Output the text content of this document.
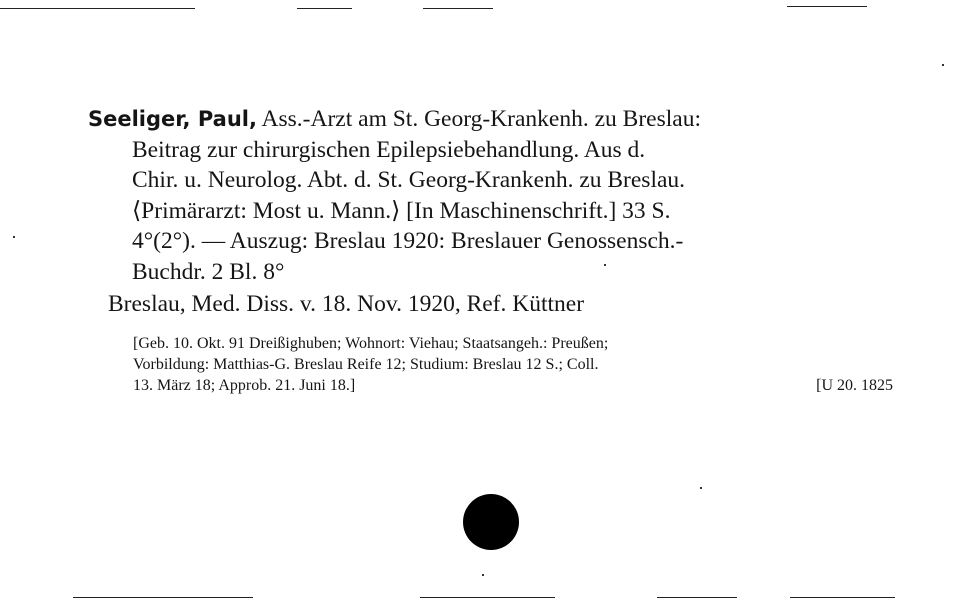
Seeliger, Paul, Ass.-Arzt am St. Georg-Krankenh. zu Breslau:
Beitrag zur chirurgischen Epilepsiebehandlung. Aus d.
Chir. u. Neurolog. Abt. d. St. Georg-Krankenh. zu Breslau.
⟨Primärarzt: Most u. Mann.⟩ [In Maschinenschrift.] 33 S.
4°(2°). — Auszug: Breslau 1920: Breslauer Genossensch.-
Buchdr. 2 Bl. 8°
Breslau, Med. Diss. v. 18. Nov. 1920, Ref. Küttner
[Geb. 10. Okt. 91 Dreißighuben; Wohnort: Viehau; Staatsangeh.: Preußen;
Vorbildung: Matthias-G. Breslau Reife 12; Studium: Breslau 12 S.; Coll.
13. März 18; Approb. 21. Juni 18.]	[U 20. 1825
